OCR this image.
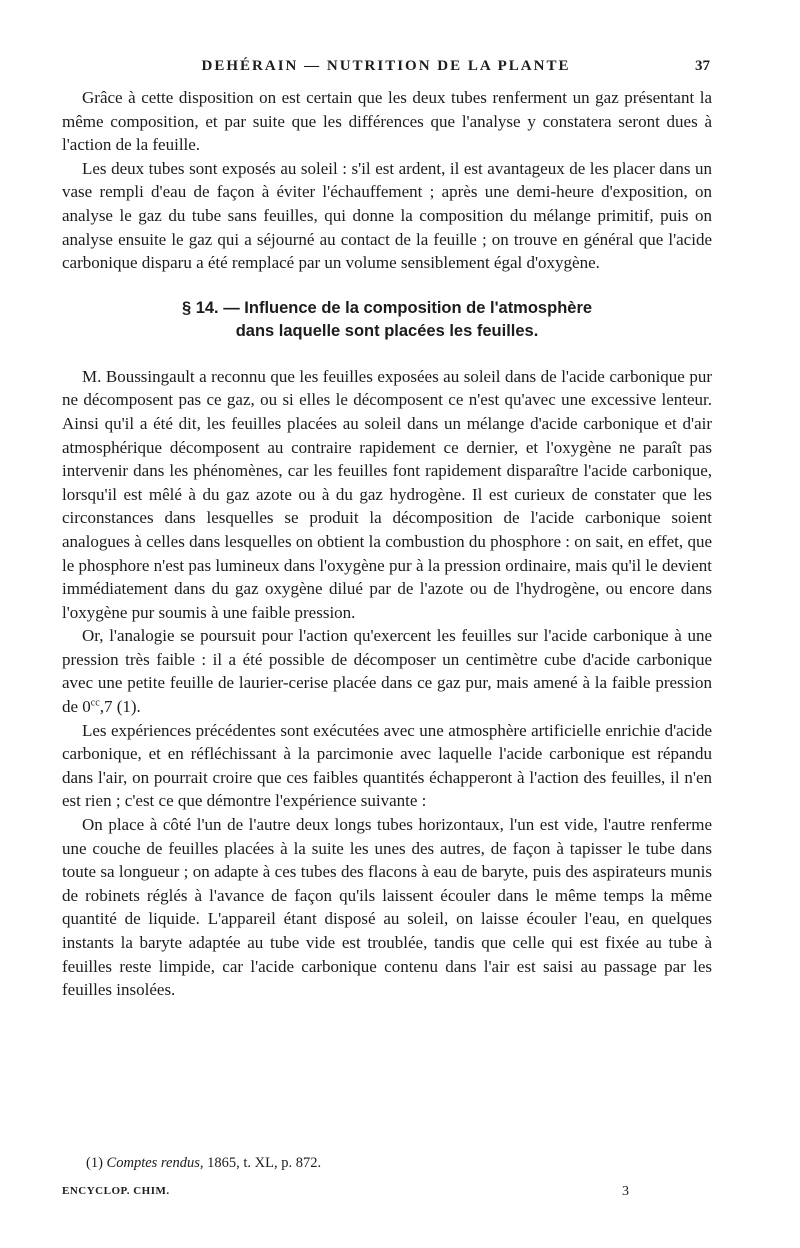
DEHÉRAIN — NUTRITION DE LA PLANTE	37

Grâce à cette disposition on est certain que les deux tubes renferment un gaz présentant la même composition, et par suite que les différences que l'analyse y constatera seront dues à l'action de la feuille.

Les deux tubes sont exposés au soleil : s'il est ardent, il est avantageux de les placer dans un vase rempli d'eau de façon à éviter l'échauffement ; après une demi-heure d'exposition, on analyse le gaz du tube sans feuilles, qui donne la composition du mélange primitif, puis on analyse ensuite le gaz qui a séjourné au contact de la feuille ; on trouve en général que l'acide carbonique disparu a été remplacé par un volume sensiblement égal d'oxygène.

§ 14. — Influence de la composition de l'atmosphère
dans laquelle sont placées les feuilles.

M. Boussingault a reconnu que les feuilles exposées au soleil dans de l'acide carbonique pur ne décomposent pas ce gaz, ou si elles le décomposent ce n'est qu'avec une excessive lenteur. Ainsi qu'il a été dit, les feuilles placées au soleil dans un mélange d'acide carbonique et d'air atmosphérique décomposent au contraire rapidement ce dernier, et l'oxygène ne paraît pas intervenir dans les phénomènes, car les feuilles font rapidement disparaître l'acide carbonique, lorsqu'il est mêlé à du gaz azote ou à du gaz hydrogène. Il est curieux de constater que les circonstances dans lesquelles se produit la décomposition de l'acide carbonique soient analogues à celles dans lesquelles on obtient la combustion du phosphore : on sait, en effet, que le phosphore n'est pas lumineux dans l'oxygène pur à la pression ordinaire, mais qu'il le devient immédiatement dans du gaz oxygène dilué par de l'azote ou de l'hydrogène, ou encore dans l'oxygène pur soumis à une faible pression.

Or, l'analogie se poursuit pour l'action qu'exercent les feuilles sur l'acide carbonique à une pression très faible : il a été possible de décomposer un centimètre cube d'acide carbonique avec une petite feuille de laurier-cerise placée dans ce gaz pur, mais amené à la faible pression de $0^{cc},7$ (1).

Les expériences précédentes sont exécutées avec une atmosphère artificielle enrichie d'acide carbonique, et en réfléchissant à la parcimonie avec laquelle l'acide carbonique est répandu dans l'air, on pourrait croire que ces faibles quantités échapperont à l'action des feuilles, il n'en est rien ; c'est ce que démontre l'expérience suivante :

On place à côté l'un de l'autre deux longs tubes horizontaux, l'un est vide, l'autre renferme une couche de feuilles placées à la suite les unes des autres, de façon à tapisser le tube dans toute sa longueur ; on adapte à ces tubes des flacons à eau de baryte, puis des aspirateurs munis de robinets réglés à l'avance de façon qu'ils laissent écouler dans le même temps la même quantité de liquide. L'appareil étant disposé au soleil, on laisse écouler l'eau, en quelques instants la baryte adaptée au tube vide est troublée, tandis que celle qui est fixée au tube à feuilles reste limpide, car l'acide carbonique contenu dans l'air est saisi au passage par les feuilles insolées.

(1) Comptes rendus, 1865, t. XL, p. 872.
ENCYCLOP. CHIM.	3
